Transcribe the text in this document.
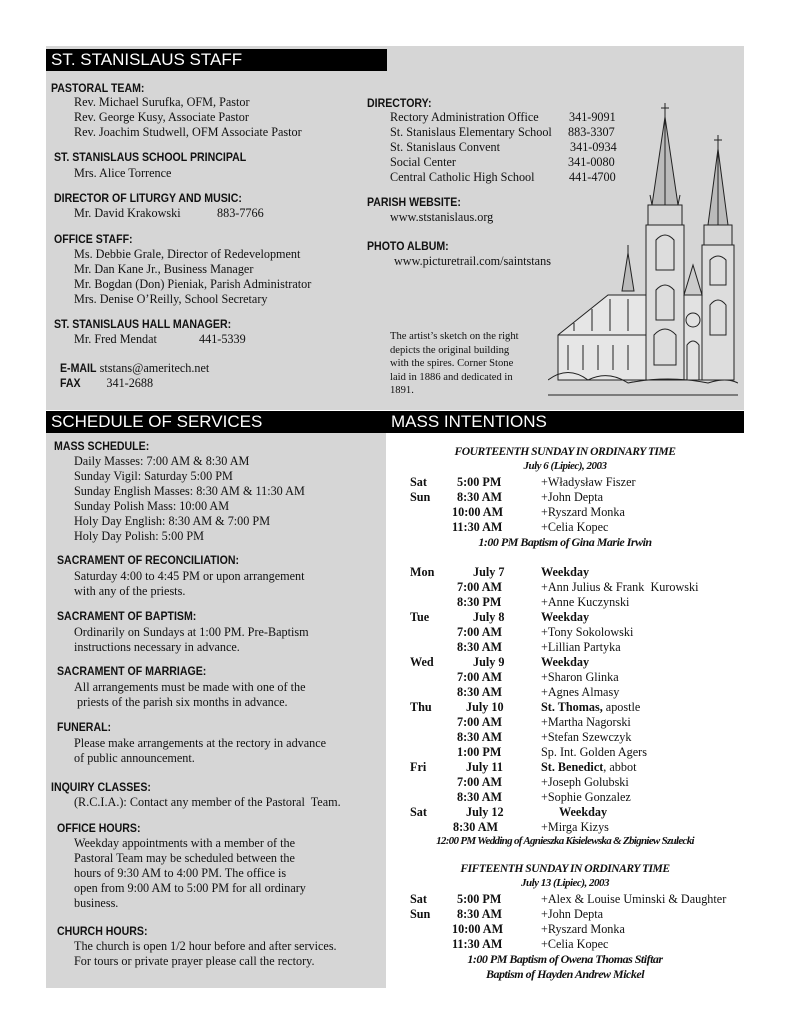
ST. STANISLAUS STAFF
SCHEDULE OF SERVICES	MASS INTENTIONS
PASTORAL TEAM:
Rev. Michael Surufka, OFM, Pastor
Rev. George Kusy, Associate Pastor
Rev. Joachim Studwell, OFM Associate Pastor
ST. STANISLAUS SCHOOL PRINCIPAL
Mrs. Alice Torrence
DIRECTOR OF LITURGY AND MUSIC:
Mr. David Krakowski	883-7766
OFFICE STAFF:
Ms. Debbie Grale, Director of Redevelopment
Mr. Dan Kane Jr., Business Manager
Mr. Bogdan (Don) Pieniak, Parish Administrator
Mrs. Denise O’Reilly, School Secretary
ST. STANISLAUS HALL MANAGER:
Mr. Fred Mendat	441-5339
E-MAIL ststans@ameritech.net
FAX 341-2688
DIRECTORY:
Rectory Administration Office 341-9091
St. Stanislaus Elementary School 883-3307
St. Stanislaus Convent	341-0934
Social Center	341-0080
Central Catholic High School	441-4700
PARISH WEBSITE:
www.ststanislaus.org
PHOTO ALBUM:
www.picturetrail.com/saintstans
The artist’s sketch on the right
depicts the original building
with the spires. Corner Stone
laid in 1886 and dedicated in
1891.
MASS SCHEDULE:
Daily Masses: 7:00 AM & 8:30 AM
Sunday Vigil: Saturday 5:00 PM
Sunday English Masses: 8:30 AM & 11:30 AM
Sunday Polish Mass: 10:00 AM
Holy Day English: 8:30 AM & 7:00 PM
Holy Day Polish: 5:00 PM
SACRAMENT OF RECONCILIATION:
Saturday 4:00 to 4:45 PM or upon arrangement
with any of the priests.
SACRAMENT OF BAPTISM:
Ordinarily on Sundays at 1:00 PM. Pre-Baptism
instructions necessary in advance.
SACRAMENT OF MARRIAGE:
All arrangements must be made with one of the
priests of the parish six months in advance.
FUNERAL:
Please make arrangements at the rectory in advance
of public announcement.
INQUIRY CLASSES:
(R.C.I.A.): Contact any member of the Pastoral  Team.
OFFICE HOURS:
Weekday appointments with a member of the
Pastoral Team may be scheduled between the
hours of 9:30 AM to 4:00 PM. The office is
open from 9:00 AM to 5:00 PM for all ordinary
business.
CHURCH HOURS:
The church is open 1/2 hour before and after services.
For tours or private prayer please call the rectory.
FOURTEENTH SUNDAY IN ORDINARY TIME
July 6 (Lipiec), 2003
Sat 5:00 PM	+Władysław Fiszer
Sun 8:30 AM	+John Depta
10:00 AM	+Ryszard Monka
11:30 AM	+Celia Kopec
1:00 PM Baptism of Gina Marie Irwin
Mon	July 7	Weekday
7:00 AM	+Ann Julius & Frank  Kurowski
8:30 PM	+Anne Kuczynski
Tue	July 8	Weekday
7:00 AM	+Tony Sokolowski
8:30 AM	+Lillian Partyka
Wed	July 9	Weekday
7:00 AM	+Sharon Glinka
8:30 AM	+Agnes Almasy
Thu	July 10	St. Thomas, apostle
7:00 AM	+Martha Nagorski
8:30 AM	+Stefan Szewczyk
1:00 PM	Sp. Int. Golden Agers
Fri	July 11	St. Benedict, abbot
7:00 AM	+Joseph Golubski
8:30 AM	+Sophie Gonzalez
Sat	July 12	Weekday
8:30 AM	+Mirga Kizys
12:00 PM Wedding of Agnieszka Kisielewska & Zbigniew Szulecki
FIFTEENTH SUNDAY IN ORDINARY TIME
July 13 (Lipiec), 2003
Sat 5:00 PM	+Alex & Louise Uminski & Daughter
Sun 8:30 AM	+John Depta
10:00 AM	+Ryszard Monka
11:30 AM	+Celia Kopec
1:00 PM Baptism of Owena Thomas Stiftar
Baptism of Hayden Andrew Mickel
